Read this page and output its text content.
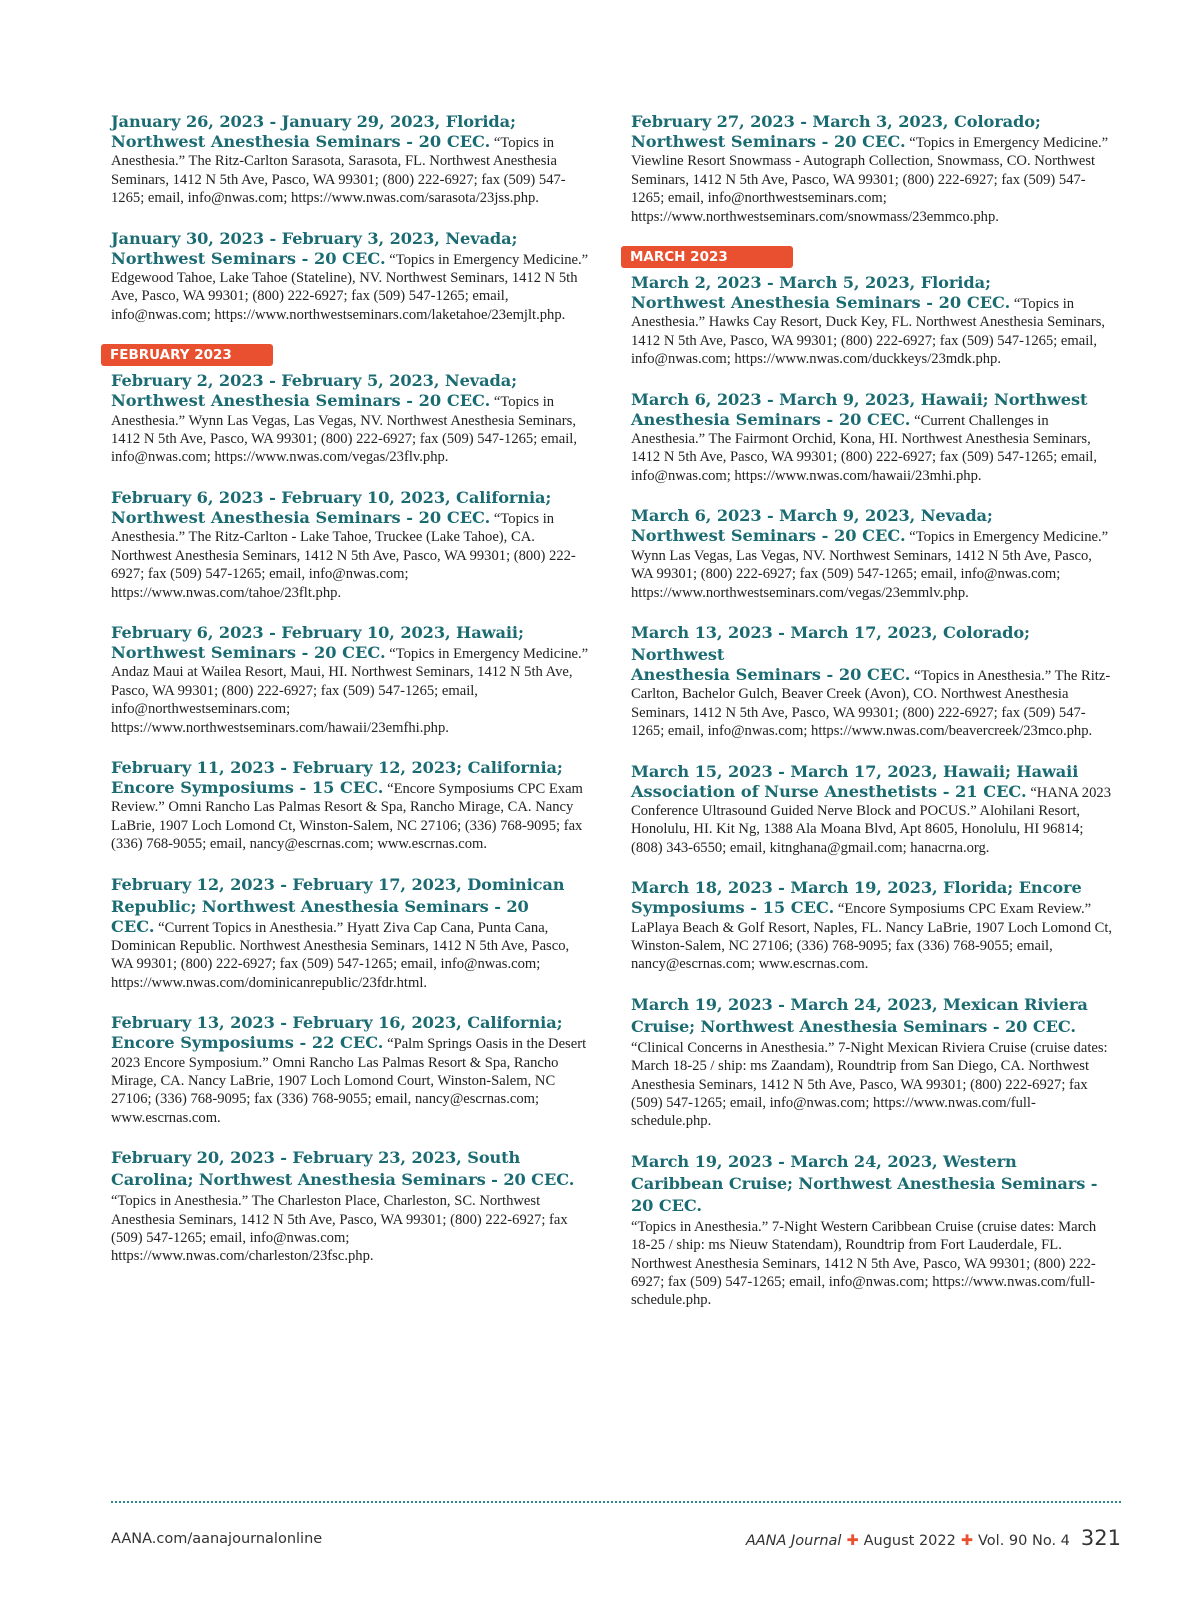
January 26, 2023 - January 29, 2023, Florida;
Northwest Anesthesia Seminars - 20 CEC. “Topics in Anesthesia.” The Ritz-Carlton Sarasota, Sarasota, FL. Northwest Anesthesia Seminars, 1412 N 5th Ave, Pasco, WA 99301; (800) 222-6927; fax (509) 547-1265; email, info@nwas.com; https://www.nwas.com/sarasota/23jss.php.
January 30, 2023 - February 3, 2023, Nevada;
Northwest Seminars - 20 CEC. “Topics in Emergency Medicine.” Edgewood Tahoe, Lake Tahoe (Stateline), NV. Northwest Seminars, 1412 N 5th Ave, Pasco, WA 99301; (800) 222-6927; fax (509) 547-1265; email, info@nwas.com; https://www.northwestseminars.com/laketahoe/23emjlt.php.
FEBRUARY 2023
February 2, 2023 - February 5, 2023, Nevada;
Northwest Anesthesia Seminars - 20 CEC. “Topics in Anesthesia.” Wynn Las Vegas, Las Vegas, NV. Northwest Anesthesia Seminars, 1412 N 5th Ave, Pasco, WA 99301; (800) 222-6927; fax (509) 547-1265; email, info@nwas.com; https://www.nwas.com/vegas/23flv.php.
February 6, 2023 - February 10, 2023, California;
Northwest Anesthesia Seminars - 20 CEC. “Topics in Anesthesia.” The Ritz-Carlton - Lake Tahoe, Truckee (Lake Tahoe), CA. Northwest Anesthesia Seminars, 1412 N 5th Ave, Pasco, WA 99301; (800) 222-6927; fax (509) 547-1265; email, info@nwas.com; https://www.nwas.com/tahoe/23flt.php.
February 6, 2023 - February 10, 2023, Hawaii;
Northwest Seminars - 20 CEC. “Topics in Emergency Medicine.” Andaz Maui at Wailea Resort, Maui, HI. Northwest Seminars, 1412 N 5th Ave, Pasco, WA 99301; (800) 222-6927; fax (509) 547-1265; email, info@northwestseminars.com; https://www.northwestseminars.com/hawaii/23emfhi.php.
February 11, 2023 - February 12, 2023; California;
Encore Symposiums - 15 CEC. “Encore Symposiums CPC Exam Review.” Omni Rancho Las Palmas Resort & Spa, Rancho Mirage, CA. Nancy LaBrie, 1907 Loch Lomond Ct, Winston-Salem, NC 27106; (336) 768-9095; fax (336) 768-9055; email, nancy@escrnas.com; www.escrnas.com.
February 12, 2023 - February 17, 2023, Dominican Republic; Northwest Anesthesia Seminars - 20
CEC. “Current Topics in Anesthesia.” Hyatt Ziva Cap Cana, Punta Cana, Dominican Republic. Northwest Anesthesia Seminars, 1412 N 5th Ave, Pasco, WA 99301; (800) 222-6927; fax (509) 547-1265; email, info@nwas.com; https://www.nwas.com/dominicanrepublic/23fdr.html.
February 13, 2023 - February 16, 2023, California;
Encore Symposiums - 22 CEC. “Palm Springs Oasis in the Desert 2023 Encore Symposium.” Omni Rancho Las Palmas Resort & Spa, Rancho Mirage, CA. Nancy LaBrie, 1907 Loch Lomond Court, Winston-Salem, NC 27106; (336) 768-9095; fax (336) 768-9055; email, nancy@escrnas.com; www.escrnas.com.
February 20, 2023 - February 23, 2023, South Carolina; Northwest Anesthesia Seminars - 20 CEC.
“Topics in Anesthesia.” The Charleston Place, Charleston, SC. Northwest Anesthesia Seminars, 1412 N 5th Ave, Pasco, WA 99301; (800) 222-6927; fax (509) 547-1265; email, info@nwas.com; https://www.nwas.com/charleston/23fsc.php.
February 27, 2023 - March 3, 2023, Colorado;
Northwest Seminars - 20 CEC. “Topics in Emergency Medicine.” Viewline Resort Snowmass - Autograph Collection, Snowmass, CO. Northwest Seminars, 1412 N 5th Ave, Pasco, WA 99301; (800) 222-6927; fax (509) 547-1265; email, info@northwestseminars.com; https://www.northwestseminars.com/snowmass/23emmco.php.
MARCH 2023
March 2, 2023 - March 5, 2023, Florida;
Northwest Anesthesia Seminars - 20 CEC. “Topics in Anesthesia.” Hawks Cay Resort, Duck Key, FL. Northwest Anesthesia Seminars, 1412 N 5th Ave, Pasco, WA 99301; (800) 222-6927; fax (509) 547-1265; email, info@nwas.com; https://www.nwas.com/duckkeys/23mdk.php.
March 6, 2023 - March 9, 2023, Hawaii; Northwest
Anesthesia Seminars - 20 CEC. “Current Challenges in Anesthesia.” The Fairmont Orchid, Kona, HI. Northwest Anesthesia Seminars, 1412 N 5th Ave, Pasco, WA 99301; (800) 222-6927; fax (509) 547-1265; email, info@nwas.com; https://www.nwas.com/hawaii/23mhi.php.
March 6, 2023 - March 9, 2023, Nevada;
Northwest Seminars - 20 CEC. “Topics in Emergency Medicine.” Wynn Las Vegas, Las Vegas, NV. Northwest Seminars, 1412 N 5th Ave, Pasco, WA 99301; (800) 222-6927; fax (509) 547-1265; email, info@nwas.com; https://www.northwestseminars.com/vegas/23emmlv.php.
March 13, 2023 - March 17, 2023, Colorado; Northwest
Anesthesia Seminars - 20 CEC. “Topics in Anesthesia.” The Ritz-Carlton, Bachelor Gulch, Beaver Creek (Avon), CO. Northwest Anesthesia Seminars, 1412 N 5th Ave, Pasco, WA 99301; (800) 222-6927; fax (509) 547-1265; email, info@nwas.com; https://www.nwas.com/beavercreek/23mco.php.
March 15, 2023 - March 17, 2023, Hawaii; Hawaii
Association of Nurse Anesthetists - 21 CEC. “HANA 2023 Conference Ultrasound Guided Nerve Block and POCUS.” Alohilani Resort, Honolulu, HI. Kit Ng, 1388 Ala Moana Blvd, Apt 8605, Honolulu, HI 96814; (808) 343-6550; email, kitnghana@gmail.com; hanacrna.org.
March 18, 2023 - March 19, 2023, Florida; Encore
Symposiums - 15 CEC. “Encore Symposiums CPC Exam Review.” LaPlaya Beach & Golf Resort, Naples, FL. Nancy LaBrie, 1907 Loch Lomond Ct, Winston-Salem, NC 27106; (336) 768-9095; fax (336) 768-9055; email, nancy@escrnas.com; www.escrnas.com.
March 19, 2023 - March 24, 2023, Mexican Riviera Cruise; Northwest Anesthesia Seminars - 20 CEC.
“Clinical Concerns in Anesthesia.” 7-Night Mexican Riviera Cruise (cruise dates: March 18-25 / ship: ms Zaandam), Roundtrip from San Diego, CA. Northwest Anesthesia Seminars, 1412 N 5th Ave, Pasco, WA 99301; (800) 222-6927; fax (509) 547-1265; email, info@nwas.com; https://www.nwas.com/full-schedule.php.
March 19, 2023 - March 24, 2023, Western Caribbean Cruise; Northwest Anesthesia Seminars - 20 CEC.
“Topics in Anesthesia.” 7-Night Western Caribbean Cruise (cruise dates: March 18-25 / ship: ms Nieuw Statendam), Roundtrip from Fort Lauderdale, FL. Northwest Anesthesia Seminars, 1412 N 5th Ave, Pasco, WA 99301; (800) 222-6927; fax (509) 547-1265; email, info@nwas.com; https://www.nwas.com/full-schedule.php.
AANA.com/aanajournalonline	AANA Journal ✚ August 2022 ✚ Vol. 90 No. 4 321
